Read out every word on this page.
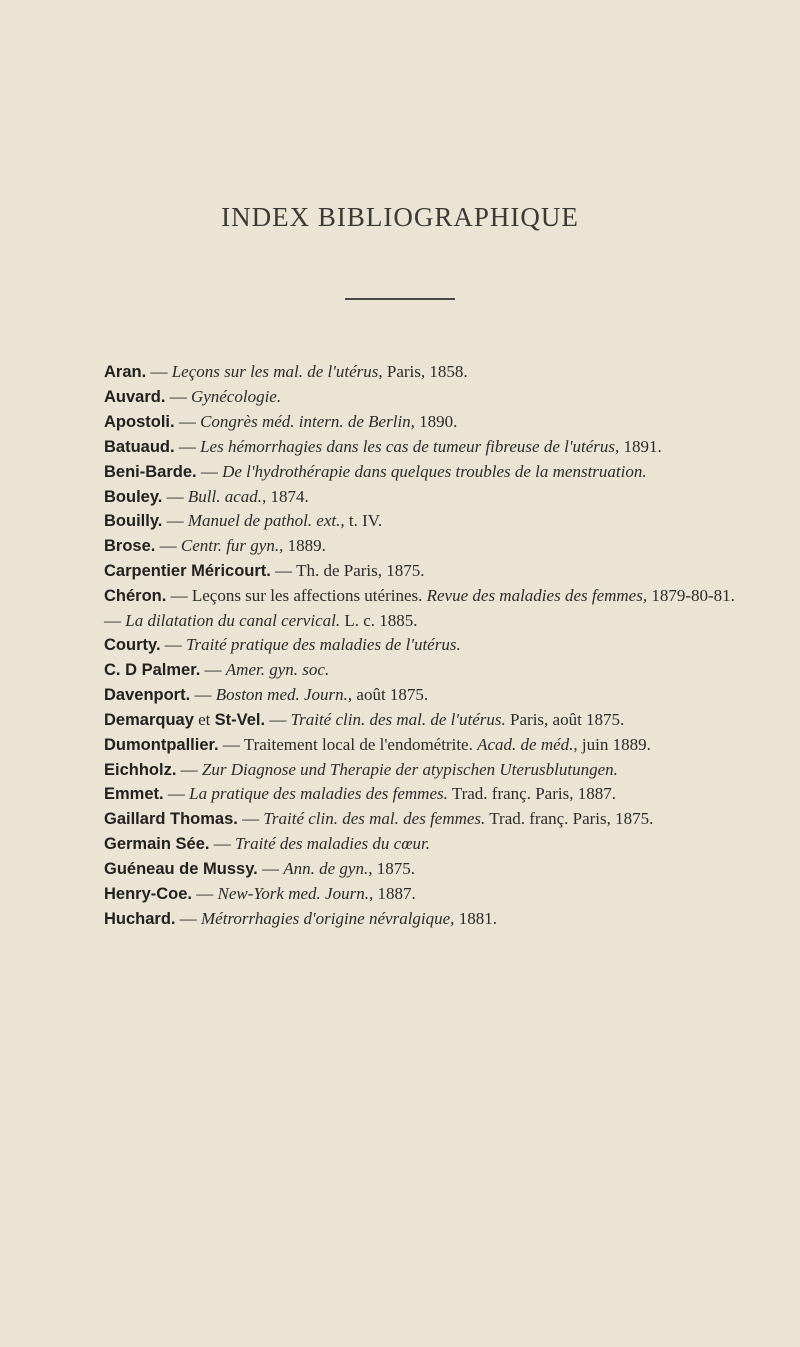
INDEX BIBLIOGRAPHIQUE
Aran. — Leçons sur les mal. de l'utérus, Paris, 1858.
Auvard. — Gynécologie.
Apostoli. — Congrès méd. intern. de Berlin, 1890.
Batuaud. — Les hémorrhagies dans les cas de tumeur fibreuse de l'utérus, 1891.
Beni-Barde. — De l'hydrothérapie dans quelques troubles de la menstruation.
Bouley. — Bull. acad., 1874.
Bouilly. — Manuel de pathol. ext., t. IV.
Brose. — Centr. fur gyn., 1889.
Carpentier Méricourt. — Th. de Paris, 1875.
Chéron. — Leçons sur les affections utérines. Revue des maladies des femmes, 1879-80-81.
— La dilatation du canal cervical. L. c. 1885.
Courty. — Traité pratique des maladies de l'utérus.
C. D Palmer. — Amer. gyn. soc.
Davenport. — Boston med. Journ., août 1875.
Demarquay et St-Vel. — Traité clin. des mal. de l'utérus. Paris, août 1875.
Dumontpallier. — Traitement local de l'endométrite. Acad. de méd., juin 1889.
Eichholz. — Zur Diagnose und Therapie der atypischen Uterusblutungen.
Emmet. — La pratique des maladies des femmes. Trad. franç. Paris, 1887.
Gaillard Thomas. — Traité clin. des mal. des femmes. Trad. franç. Paris, 1875.
Germain Sée. — Traité des maladies du cœur.
Guéneau de Mussy. — Ann. de gyn., 1875.
Henry-Coe. — New-York med. Journ., 1887.
Huchard. — Métrorrhagies d'origine névralgique, 1881.
